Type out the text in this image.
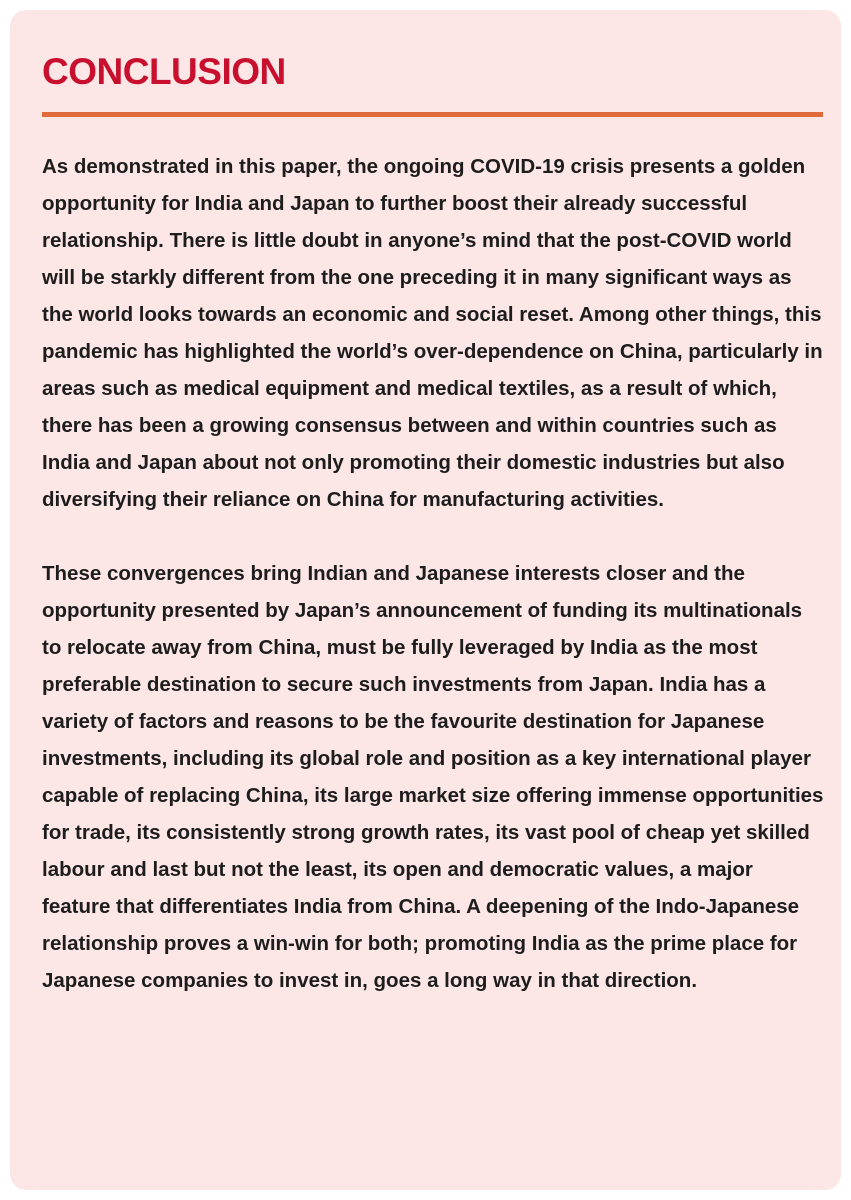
CONCLUSION

As demonstrated in this paper, the ongoing COVID-19 crisis presents a golden opportunity for India and Japan to further boost their already successful relationship. There is little doubt in anyone’s mind that the post-COVID world will be starkly different from the one preceding it in many significant ways as the world looks towards an economic and social reset. Among other things, this pandemic has highlighted the world’s over-dependence on China, particularly in areas such as medical equipment and medical textiles, as a result of which, there has been a growing consensus between and within countries such as India and Japan about not only promoting their domestic industries but also diversifying their reliance on China for manufacturing activities.

These convergences bring Indian and Japanese interests closer and the opportunity presented by Japan’s announcement of funding its multinationals to relocate away from China, must be fully leveraged by India as the most preferable destination to secure such investments from Japan. India has a variety of factors and reasons to be the favourite destination for Japanese investments, including its global role and position as a key international player capable of replacing China, its large market size offering immense opportunities for trade, its consistently strong growth rates, its vast pool of cheap yet skilled labour and last but not the least, its open and democratic values, a major feature that differentiates India from China. A deepening of the Indo-Japanese relationship proves a win-win for both; promoting India as the prime place for Japanese companies to invest in, goes a long way in that direction.
